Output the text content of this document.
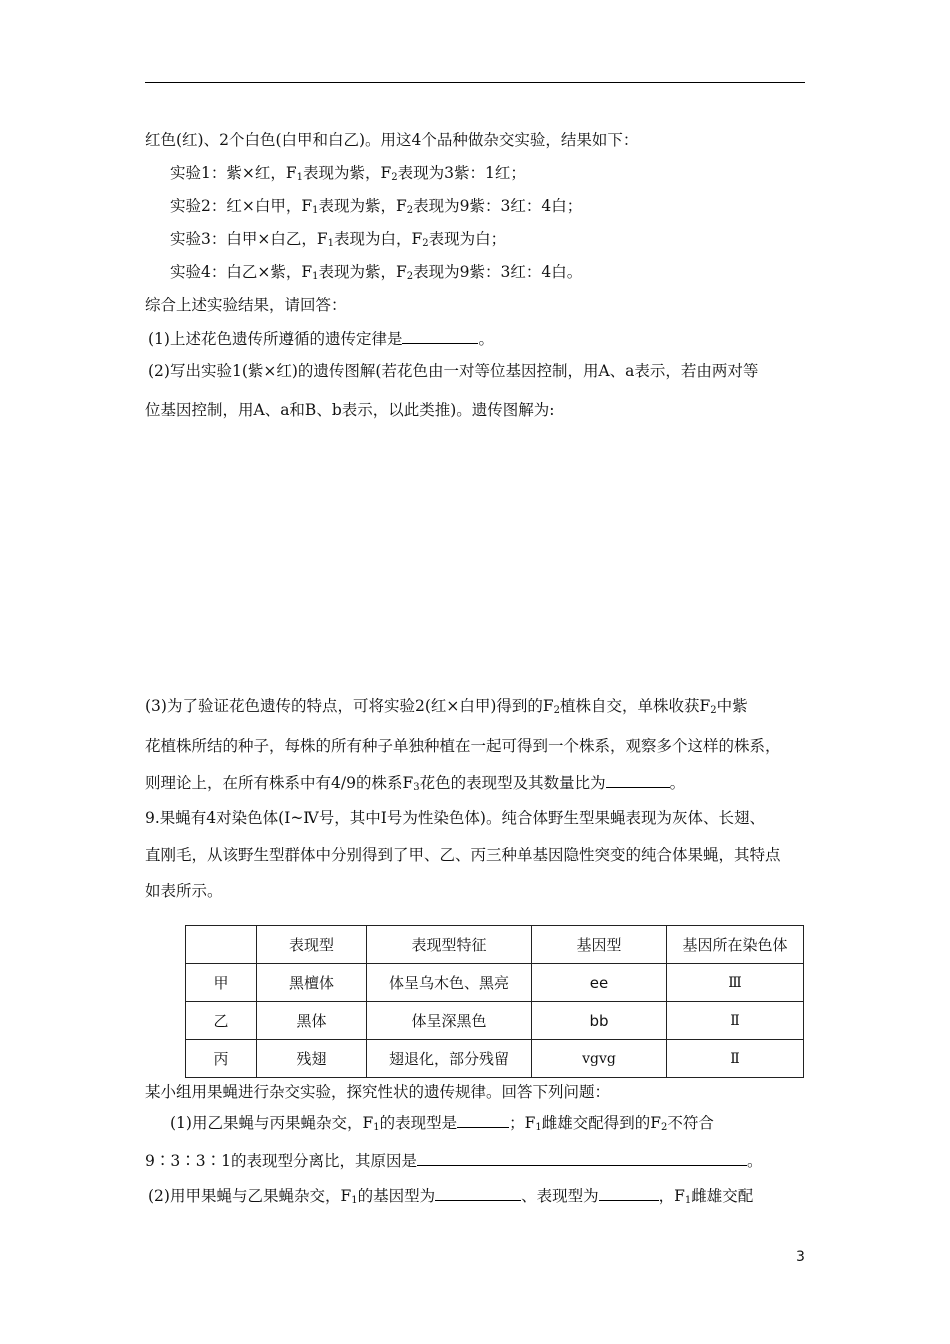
红色(红)、2个白色(白甲和白乙)。用这4个品种做杂交实验，结果如下：
实验1：紫×红，$F_1$表现为紫，$F_2$表现为3紫：1红；
实验2：红×白甲，$F_1$表现为紫，$F_2$表现为9紫：3红：4白；
实验3：白甲×白乙，$F_1$表现为白，$F_2$表现为白；
实验4：白乙×紫，$F_1$表现为紫，$F_2$表现为9紫：3红：4白。
综合上述实验结果，请回答：
(1)上述花色遗传所遵循的遗传定律是	。
(2)写出实验1(紫×红)的遗传图解(若花色由一对等位基因控制，用A、a表示，若由两对等
位基因控制，用A、a和B、b表示，以此类推)。遗传图解为:
(3)为了验证花色遗传的特点，可将实验2(红×白甲)得到的$F_2$植株自交，单株收获$F_2$中紫
花植株所结的种子，每株的所有种子单独种植在一起可得到一个株系，观察多个这样的株系，
则理论上，在所有株系中有4/9的株系$F_3$花色的表现型及其数量比为	。
9.果蝇有4对染色体(Ⅰ~Ⅳ号，其中Ⅰ号为性染色体)。纯合体野生型果蝇表现为灰体、长翅、
直刚毛，从该野生型群体中分别得到了甲、乙、丙三种单基因隐性突变的纯合体果蝇，其特点
如表所示。
	表现型	表现型特征	基因型	基因所在染色体
甲	黑檀体	体呈乌木色、黑亮	ee	Ⅲ
乙	黑体	体呈深黑色	bb	Ⅱ
丙	残翅	翅退化，部分残留	vgvg	Ⅱ
某小组用果蝇进行杂交实验，探究性状的遗传规律。回答下列问题：
(1)用乙果蝇与丙果蝇杂交，$F_1$的表现型是	；$F_1$雌雄交配得到的$F_2$不符合
9∶3∶3∶1的表现型分离比，其原因是	。
(2)用甲果蝇与乙果蝇杂交，$F_1$的基因型为	、表现型为	，$F_1$雌雄交配
3
